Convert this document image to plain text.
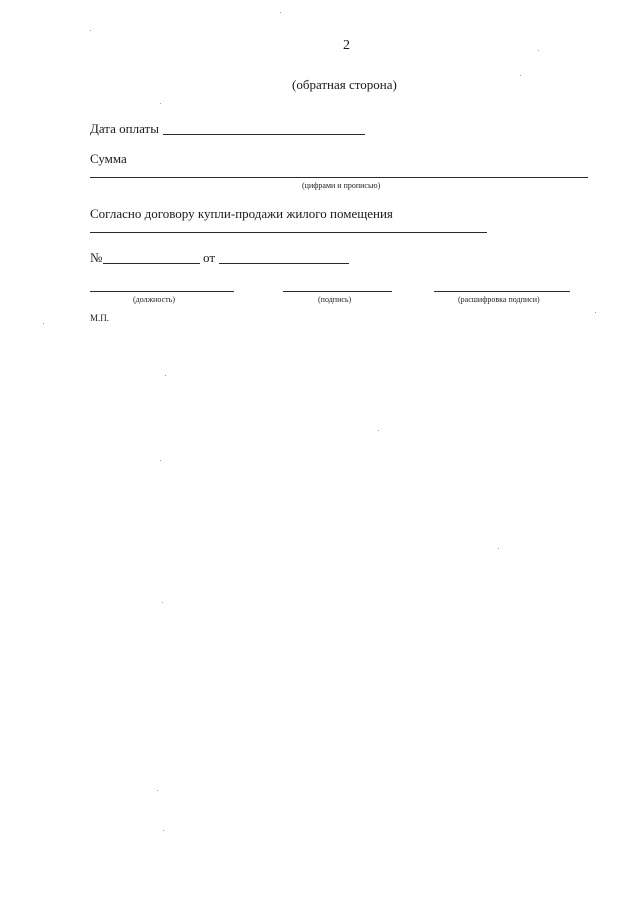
2
(обратная сторона)
Дата оплаты
Сумма
(цифрами и прописью)
Согласно договору купли-продажи жилого помещения
№	от
(должность)	(подпись)	(расшифровка подписи)
М.П.
